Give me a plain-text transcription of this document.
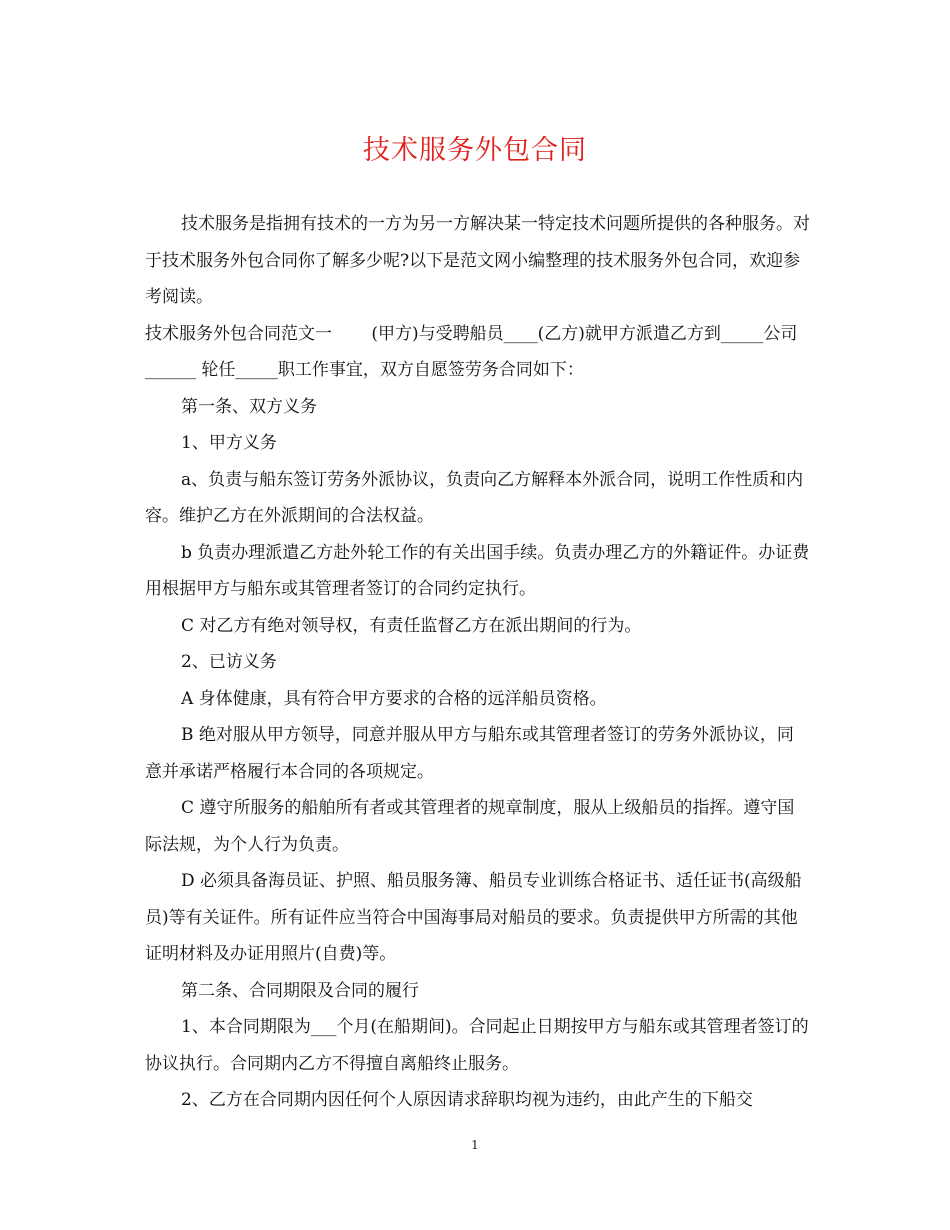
技术服务外包合同

技术服务是指拥有技术的一方为另一方解决某一特定技术问题所提供的各种服务。对于技术服务外包合同你了解多少呢?以下是范文网小编整理的技术服务外包合同，欢迎参考阅读。

技术服务外包合同范文一　　 (甲方)与受聘船员____(乙方)就甲方派遣乙方到_____公司______ 轮任_____职工作事宜，双方自愿签劳务合同如下：

第一条、双方义务

1、甲方义务

a、负责与船东签订劳务外派协议，负责向乙方解释本外派合同，说明工作性质和内容。维护乙方在外派期间的合法权益。

b 负责办理派遣乙方赴外轮工作的有关出国手续。负责办理乙方的外籍证件。办证费用根据甲方与船东或其管理者签订的合同约定执行。

C 对乙方有绝对领导权，有责任监督乙方在派出期间的行为。

2、已访义务

A 身体健康，具有符合甲方要求的合格的远洋船员资格。

B 绝对服从甲方领导，同意并服从甲方与船东或其管理者签订的劳务外派协议，同意并承诺严格履行本合同的各项规定。

C 遵守所服务的船舶所有者或其管理者的规章制度，服从上级船员的指挥。遵守国际法规，为个人行为负责。

D 必须具备海员证、护照、船员服务簿、船员专业训练合格证书、适任证书(高级船员)等有关证件。所有证件应当符合中国海事局对船员的要求。负责提供甲方所需的其他证明材料及办证用照片(自费)等。

第二条、合同期限及合同的履行

1、本合同期限为___个月(在船期间)。合同起止日期按甲方与船东或其管理者签订的协议执行。合同期内乙方不得擅自离船终止服务。

2、乙方在合同期内因任何个人原因请求辞职均视为违约，由此产生的下船交

1
